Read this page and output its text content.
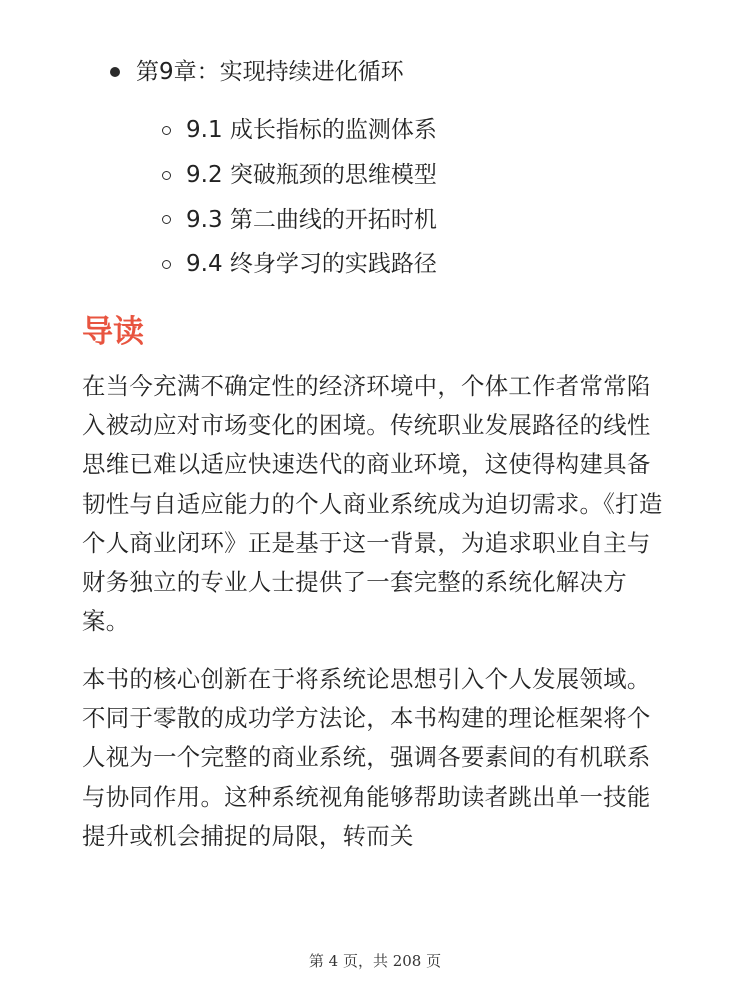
第9章：实现持续进化循环
9.1 成长指标的监测体系
9.2 突破瓶颈的思维模型
9.3 第二曲线的开拓时机
9.4 终身学习的实践路径
导读

在当今充满不确定性的经济环境中，个体工作者常常陷入被动应对市场变化的困境。传统职业发展路径的线性思维已难以适应快速迭代的商业环境，这使得构建具备韧性与自适应能力的个人商业系统成为迫切需求。《打造个人商业闭环》正是基于这一背景，为追求职业自主与财务独立的专业人士提供了一套完整的系统化解决方案。

本书的核心创新在于将系统论思想引入个人发展领域。不同于零散的成功学方法论，本书构建的理论框架将个人视为一个完整的商业系统，强调各要素间的有机联系与协同作用。这种系统视角能够帮助读者跳出单一技能提升或机会捕捉的局限，转而关

第 4 页，共 208 页
